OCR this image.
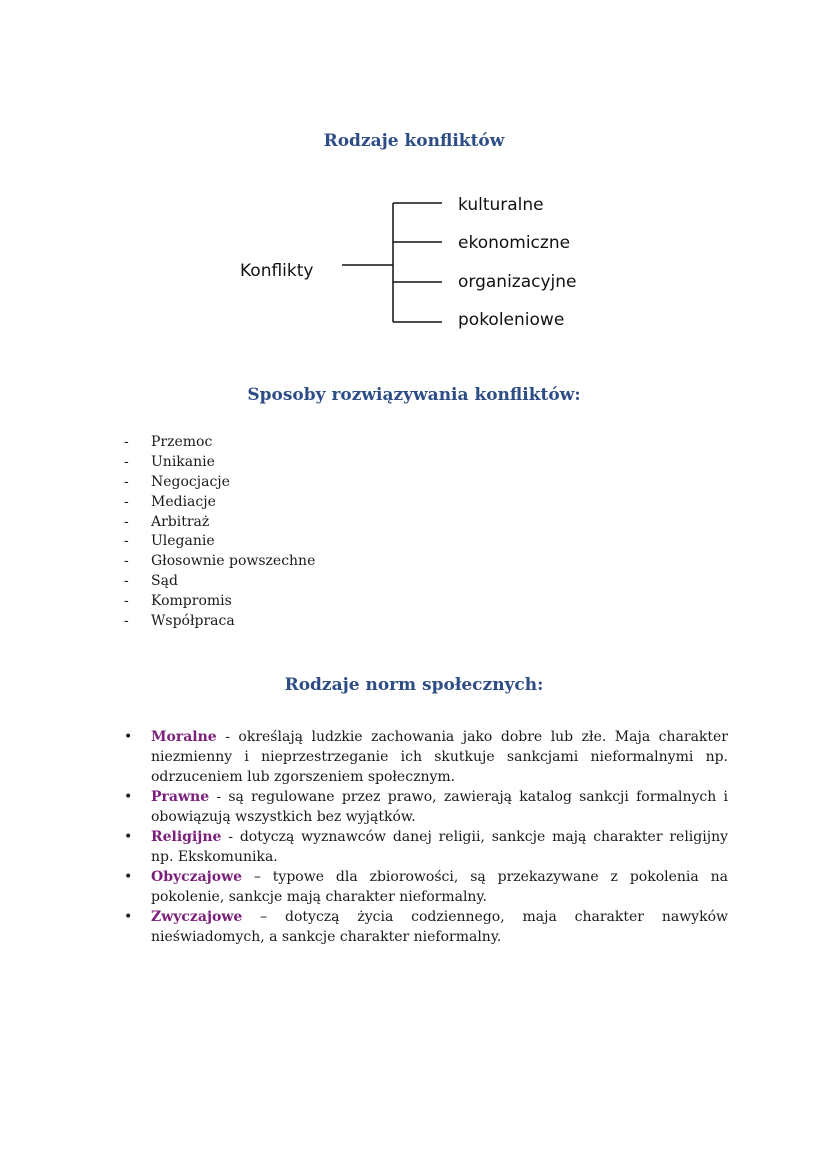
Rodzaje konfliktów
Konflikty
kulturalne
ekonomiczne
organizacyjne
pokoleniowe
Sposoby rozwiązywania konfliktów:
- Przemoc
- Unikanie
- Negocjacje
- Mediacje
- Arbitraż
- Uleganie
- Głosownie powszechne
- Sąd
- Kompromis
- Współpraca
Rodzaje norm społecznych:
• Moralne - określają ludzkie zachowania jako dobre lub złe. Maja charakter niezmienny i nieprzestrzeganie ich skutkuje sankcjami nieformalnymi np. odrzuceniem lub zgorszeniem społecznym.
• Prawne - są regulowane przez prawo, zawierają katalog sankcji formalnych i obowiązują wszystkich bez wyjątków.
• Religijne - dotyczą wyznawców danej religii, sankcje mają charakter religijny np. Ekskomunika.
• Obyczajowe – typowe dla zbiorowości, są przekazywane z pokolenia na pokolenie, sankcje mają charakter nieformalny.
• Zwyczajowe – dotyczą życia codziennego, maja charakter nawyków nieświadomych, a sankcje charakter nieformalny.
